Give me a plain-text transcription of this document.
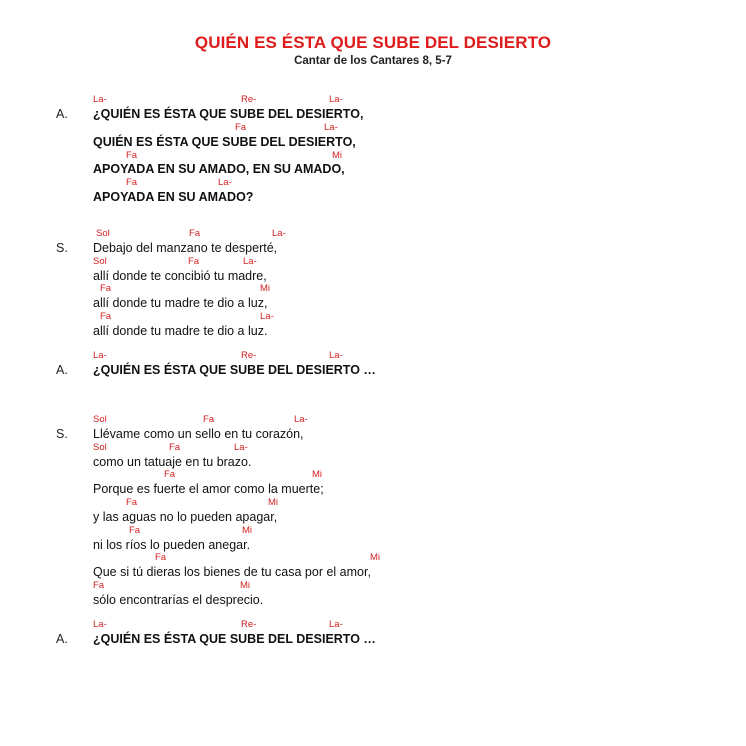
QUIÉN ES ÉSTA QUE SUBE DEL DESIERTO
Cantar de los Cantares 8, 5-7
A.
S.
A.
S.
A.
La-	Re-	La-
¿QUIÉN ES ÉSTA QUE SUBE DEL DESIERTO,
Fa	La-
QUIÉN ES ÉSTA QUE SUBE DEL DESIERTO,
Fa	Mi
APOYADA EN SU AMADO, EN SU AMADO,
Fa	La-
APOYADA EN SU AMADO?
Sol	Fa	La-
Debajo del manzano te desperté,
Sol	Fa	La-
allí donde te concibió tu madre,
Fa	Mi
allí donde tu madre te dio a luz,
Fa	La-
allí donde tu madre te dio a luz.
La-	Re-	La-
¿QUIÉN ES ÉSTA QUE SUBE DEL DESIERTO …
Sol	Fa	La-
Llévame como un sello en tu corazón,
Sol	Fa	La-
como un tatuaje en tu brazo.
Fa	Mi
Porque es fuerte el amor como la muerte;
Fa	Mi
y las aguas no lo pueden apagar,
Fa	Mi
ni los ríos lo pueden anegar.
Fa	Mi
Que si tú dieras los bienes de tu casa por el amor,
Fa	Mi
sólo encontrarías el desprecio.
La-	Re-	La-
¿QUIÉN ES ÉSTA QUE SUBE DEL DESIERTO …
